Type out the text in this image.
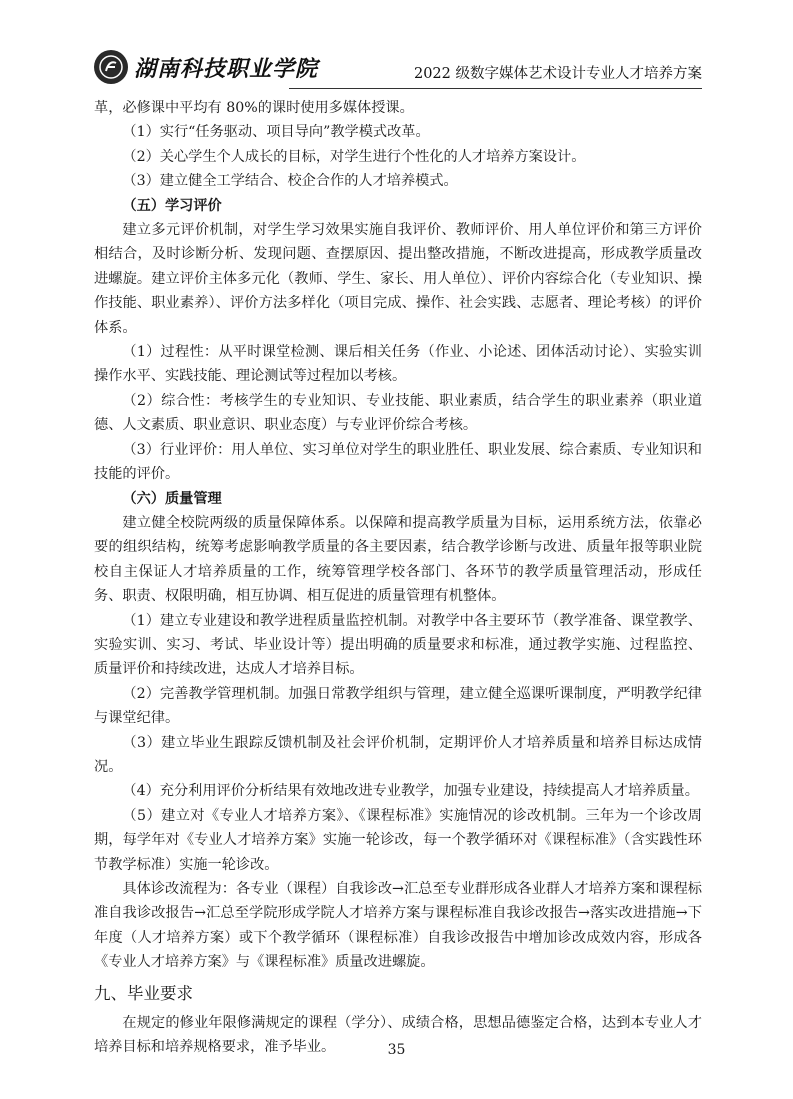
湖南科技职业学院	2022 级数字媒体艺术设计专业人才培养方案

革，必修课中平均有 80%的课时使用多媒体授课。

（1）实行“任务驱动、项目导向”教学模式改革。

（2）关心学生个人成长的目标，对学生进行个性化的人才培养方案设计。

（3）建立健全工学结合、校企合作的人才培养模式。

（五）学习评价

建立多元评价机制，对学生学习效果实施自我评价、教师评价、用人单位评价和第三方评价相结合，及时诊断分析、发现问题、查摆原因、提出整改措施，不断改进提高，形成教学质量改进螺旋。建立评价主体多元化（教师、学生、家长、用人单位）、评价内容综合化（专业知识、操作技能、职业素养）、评价方法多样化（项目完成、操作、社会实践、志愿者、理论考核）的评价体系。

（1）过程性：从平时课堂检测、课后相关任务（作业、小论述、团体活动讨论）、实验实训操作水平、实践技能、理论测试等过程加以考核。

（2）综合性：考核学生的专业知识、专业技能、职业素质，结合学生的职业素养（职业道德、人文素质、职业意识、职业态度）与专业评价综合考核。

（3）行业评价：用人单位、实习单位对学生的职业胜任、职业发展、综合素质、专业知识和技能的评价。

（六）质量管理

建立健全校院两级的质量保障体系。以保障和提高教学质量为目标，运用系统方法，依靠必要的组织结构，统筹考虑影响教学质量的各主要因素，结合教学诊断与改进、质量年报等职业院校自主保证人才培养质量的工作，统筹管理学校各部门、各环节的教学质量管理活动，形成任务、职责、权限明确，相互协调、相互促进的质量管理有机整体。

（1）建立专业建设和教学进程质量监控机制。对教学中各主要环节（教学准备、课堂教学、实验实训、实习、考试、毕业设计等）提出明确的质量要求和标准，通过教学实施、过程监控、质量评价和持续改进，达成人才培养目标。

（2）完善教学管理机制。加强日常教学组织与管理，建立健全巡课听课制度，严明教学纪律与课堂纪律。

（3）建立毕业生跟踪反馈机制及社会评价机制，定期评价人才培养质量和培养目标达成情况。

（4）充分利用评价分析结果有效地改进专业教学，加强专业建设，持续提高人才培养质量。

（5）建立对《专业人才培养方案》、《课程标准》实施情况的诊改机制。三年为一个诊改周期，每学年对《专业人才培养方案》实施一轮诊改，每一个教学循环对《课程标准》（含实践性环节教学标准）实施一轮诊改。

具体诊改流程为：各专业（课程）自我诊改→汇总至专业群形成各业群人才培养方案和课程标准自我诊改报告→汇总至学院形成学院人才培养方案与课程标准自我诊改报告→落实改进措施→下年度（人才培养方案）或下个教学循环（课程标准）自我诊改报告中增加诊改成效内容，形成各《专业人才培养方案》与《课程标准》质量改进螺旋。

九、毕业要求

在规定的修业年限修满规定的课程（学分）、成绩合格，思想品德鉴定合格，达到本专业人才培养目标和培养规格要求，准予毕业。	35
